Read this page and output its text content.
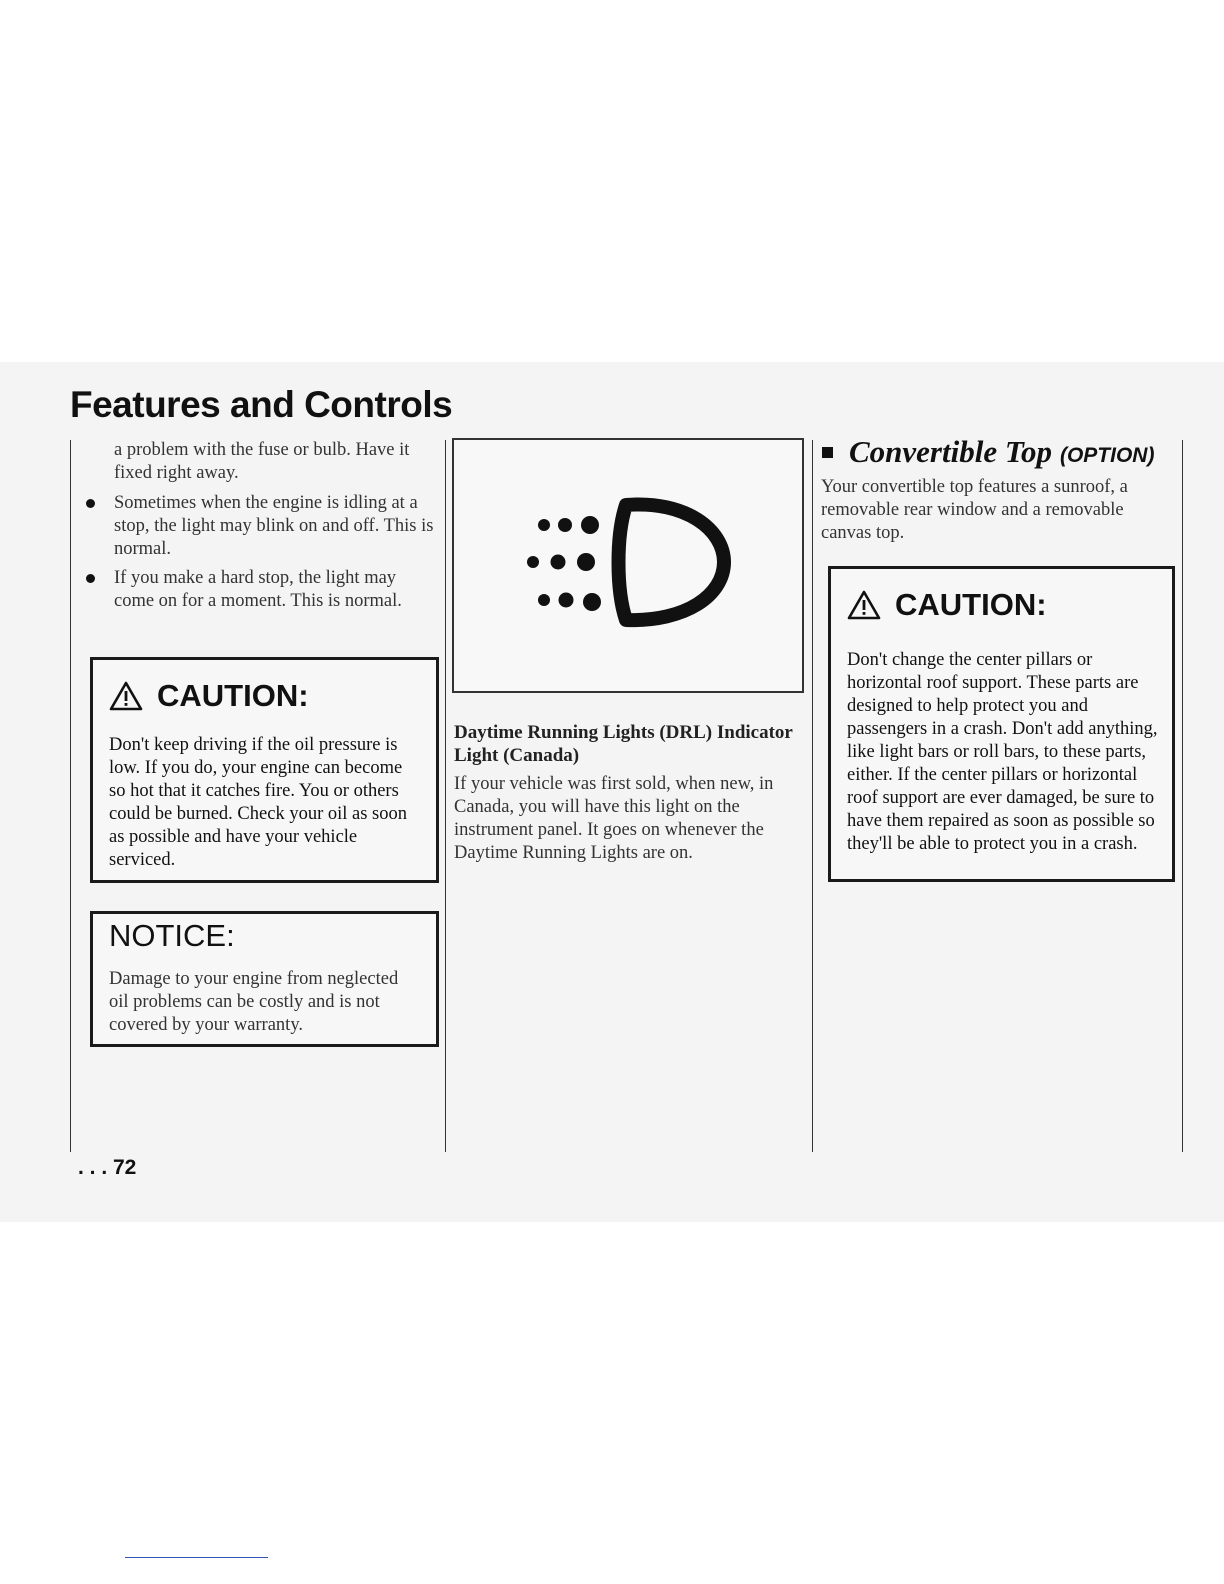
Features and Controls

a problem with the fuse or bulb. Have it fixed right away.

Sometimes when the engine is idling at a stop, the light may blink on and off. This is normal.
If you make a hard stop, the light may come on for a moment. This is normal.
CAUTION:

Don't keep driving if the oil pressure is low. If you do, your engine can become so hot that it catches fire. You or others could be burned. Check your oil as soon as possible and have your vehicle serviced.

NOTICE:

Damage to your engine from neglected oil problems can be costly and is not covered by your warranty.

Daytime Running Lights (DRL) Indicator Light (Canada)

If your vehicle was first sold, when new, in Canada, you will have this light on the instrument panel. It goes on whenever the Daytime Running Lights are on.

Convertible Top (OPTION)

Your convertible top features a sunroof, a removable rear window and a removable canvas top.

CAUTION:

Don't change the center pillars or horizontal roof support. These parts are designed to help protect you and passengers in a crash. Don't add anything, like light bars or roll bars, to these parts, either. If the center pillars or horizontal roof support are ever damaged, be sure to have them repaired as soon as possible so they'll be able to protect you in a crash.

. . . 72
